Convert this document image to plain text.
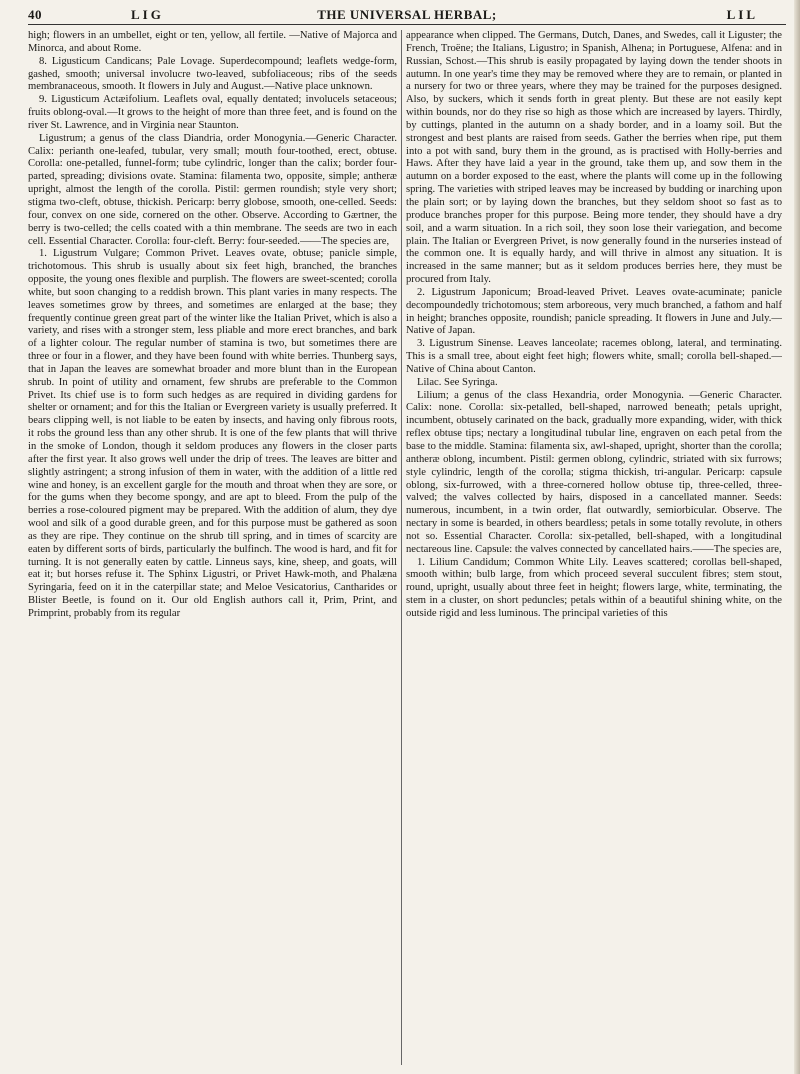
40	LIG	THE UNIVERSAL HERBAL;	LIL

high; flowers in an umbellet, eight or ten, yellow, all fertile. —Native of Majorca and Minorca, and about Rome.

8. Ligusticum Candicans; Pale Lovage. Superdecompound; leaflets wedge-form, gashed, smooth; universal involucre two-leaved, subfoliaceous; ribs of the seeds membranaceous, smooth. It flowers in July and August.—Native place unknown.

9. Ligusticum Actæifolium. Leaflets oval, equally dentated; involucels setaceous; fruits oblong-oval.—It grows to the height of more than three feet, and is found on the river St. Lawrence, and in Virginia near Staunton.

Ligustrum; a genus of the class Diandria, order Monogynia.—Generic Character. Calix: perianth one-leafed, tubular, very small; mouth four-toothed, erect, obtuse. Corolla: one-petalled, funnel-form; tube cylindric, longer than the calix; border four-parted, spreading; divisions ovate. Stamina: filamenta two, opposite, simple; antheræ upright, almost the length of the corolla. Pistil: germen roundish; style very short; stigma two-cleft, obtuse, thickish. Pericarp: berry globose, smooth, one-celled. Seeds: four, convex on one side, cornered on the other. Observe. According to Gærtner, the berry is two-celled; the cells coated with a thin membrane. The seeds are two in each cell. Essential Character. Corolla: four-cleft. Berry: four-seeded.——The species are,

1. Ligustrum Vulgare; Common Privet. Leaves ovate, obtuse; panicle simple, trichotomous. This shrub is usually about six feet high, branched, the branches opposite, the young ones flexible and purplish. The flowers are sweet-scented; corolla white, but soon changing to a reddish brown. This plant varies in many respects. The leaves sometimes grow by threes, and sometimes are enlarged at the base; they frequently continue green great part of the winter like the Italian Privet, which is also a variety, and rises with a stronger stem, less pliable and more erect branches, and bark of a lighter colour. The regular number of stamina is two, but sometimes there are three or four in a flower, and they have been found with white berries. Thunberg says, that in Japan the leaves are somewhat broader and more blunt than in the European shrub. In point of utility and ornament, few shrubs are preferable to the Common Privet. Its chief use is to form such hedges as are required in dividing gardens for shelter or ornament; and for this the Italian or Evergreen variety is usually preferred. It bears clipping well, is not liable to be eaten by insects, and having only fibrous roots, it robs the ground less than any other shrub. It is one of the few plants that will thrive in the smoke of London, though it seldom produces any flowers in the closer parts after the first year. It also grows well under the drip of trees. The leaves are bitter and slightly astringent; a strong infusion of them in water, with the addition of a little red wine and honey, is an excellent gargle for the mouth and throat when they are sore, or for the gums when they become spongy, and are apt to bleed. From the pulp of the berries a rose-coloured pigment may be prepared. With the addition of alum, they dye wool and silk of a good durable green, and for this purpose must be gathered as soon as they are ripe. They continue on the shrub till spring, and in times of scarcity are eaten by different sorts of birds, particularly the bulfinch. The wood is hard, and fit for turning. It is not generally eaten by cattle. Linneus says, kine, sheep, and goats, will eat it; but horses refuse it. The Sphinx Ligustri, or Privet Hawk-moth, and Phalæna Syringaria, feed on it in the caterpillar state; and Meloe Vesicatorius, Cantharides or Blister Beetle, is found on it. Our old English authors call it, Prim, Print, and Primprint, probably from its regular

appearance when clipped. The Germans, Dutch, Danes, and Swedes, call it Liguster; the French, Troëne; the Italians, Ligustro; in Spanish, Alhena; in Portuguese, Alfena: and in Russian, Schost.—This shrub is easily propagated by laying down the tender shoots in autumn. In one year's time they may be removed where they are to remain, or planted in a nursery for two or three years, where they may be trained for the purposes designed. Also, by suckers, which it sends forth in great plenty. But these are not easily kept within bounds, nor do they rise so high as those which are increased by layers. Thirdly, by cuttings, planted in the autumn on a shady border, and in a loamy soil. But the strongest and best plants are raised from seeds. Gather the berries when ripe, put them into a pot with sand, bury them in the ground, as is practised with Holly-berries and Haws. After they have laid a year in the ground, take them up, and sow them in the autumn on a border exposed to the east, where the plants will come up in the following spring. The varieties with striped leaves may be increased by budding or inarching upon the plain sort; or by laying down the branches, but they seldom shoot so fast as to produce branches proper for this purpose. Being more tender, they should have a dry soil, and a warm situation. In a rich soil, they soon lose their variegation, and become plain. The Italian or Evergreen Privet, is now generally found in the nurseries instead of the common one. It is equally hardy, and will thrive in almost any situation. It is increased in the same manner; but as it seldom produces berries here, they must be procured from Italy.

2. Ligustrum Japonicum; Broad-leaved Privet. Leaves ovate-acuminate; panicle decompoundedly trichotomous; stem arboreous, very much branched, a fathom and half in height; branches opposite, roundish; panicle spreading. It flowers in June and July.—Native of Japan.

3. Ligustrum Sinense. Leaves lanceolate; racemes oblong, lateral, and terminating. This is a small tree, about eight feet high; flowers white, small; corolla bell-shaped.—Native of China about Canton.

Lilac. See Syringa.

Lilium; a genus of the class Hexandria, order Monogynia. —Generic Character. Calix: none. Corolla: six-petalled, bell-shaped, narrowed beneath; petals upright, incumbent, obtusely carinated on the back, gradually more expanding, wider, with thick reflex obtuse tips; nectary a longitudinal tubular line, engraven on each petal from the base to the middle. Stamina: filamenta six, awl-shaped, upright, shorter than the corolla; antheræ oblong, incumbent. Pistil: germen oblong, cylindric, striated with six furrows; style cylindric, length of the corolla; stigma thickish, tri-angular. Pericarp: capsule oblong, six-furrowed, with a three-cornered hollow obtuse tip, three-celled, three-valved; the valves collected by hairs, disposed in a cancellated manner. Seeds: numerous, incumbent, in a twin order, flat outwardly, semiorbicular. Observe. The nectary in some is bearded, in others beardless; petals in some totally revolute, in others not so. Essential Character. Corolla: six-petalled, bell-shaped, with a longitudinal nectareous line. Capsule: the valves connected by cancellated hairs.——The species are,

1. Lilium Candidum; Common White Lily. Leaves scattered; corollas bell-shaped, smooth within; bulb large, from which proceed several succulent fibres; stem stout, round, upright, usually about three feet in height; flowers large, white, terminating, the stem in a cluster, on short peduncles; petals within of a beautiful shining white, on the outside rigid and less luminous. The principal varieties of this
